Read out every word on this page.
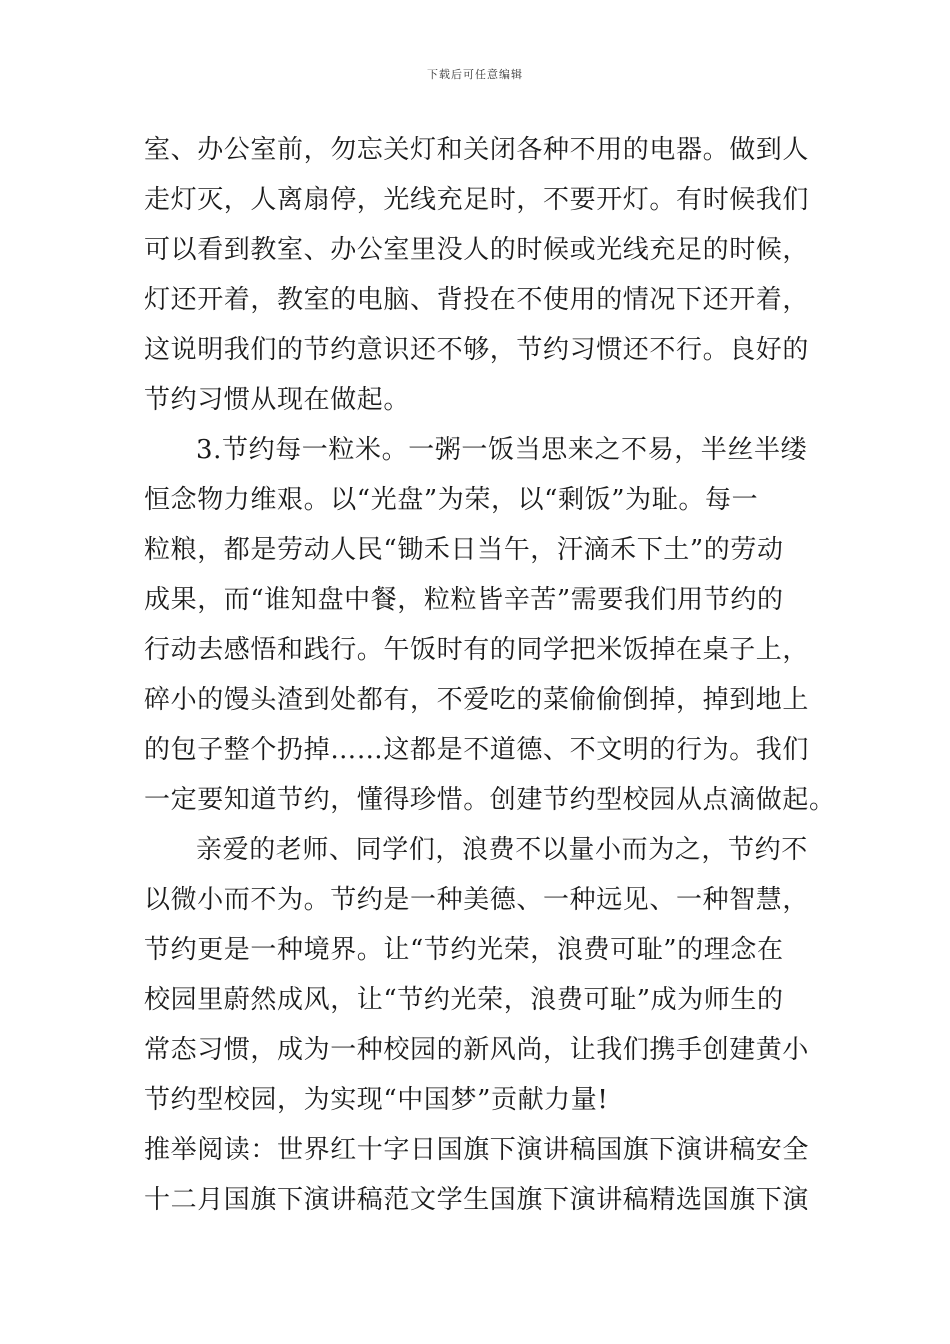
下载后可任意编辑
室、办公室前，勿忘关灯和关闭各种不用的电器。做到人
走灯灭，人离扇停，光线充足时，不要开灯。有时候我们
可以看到教室、办公室里没人的时候或光线充足的时候，
灯还开着，教室的电脑、背投在不使用的情况下还开着，
这说明我们的节约意识还不够，节约习惯还不行。良好的
节约习惯从现在做起。
3.节约每一粒米。一粥一饭当思来之不易，半丝半缕
恒念物力维艰。以“光盘”为荣，以“剩饭”为耻。每一
粒粮，都是劳动人民“锄禾日当午，汗滴禾下土”的劳动
成果，而“谁知盘中餐，粒粒皆辛苦”需要我们用节约的
行动去感悟和践行。午饭时有的同学把米饭掉在桌子上，
碎小的馒头渣到处都有，不爱吃的菜偷偷倒掉，掉到地上
的包子整个扔掉……这都是不道德、不文明的行为。我们
一定要知道节约，懂得珍惜。创建节约型校园从点滴做起。
亲爱的老师、同学们，浪费不以量小而为之，节约不
以微小而不为。节约是一种美德、一种远见、一种智慧，
节约更是一种境界。让“节约光荣，浪费可耻”的理念在
校园里蔚然成风，让“节约光荣，浪费可耻”成为师生的
常态习惯，成为一种校园的新风尚，让我们携手创建黄小
节约型校园，为实现“中国梦”贡献力量!
推举阅读：世界红十字日国旗下演讲稿国旗下演讲稿安全
十二月国旗下演讲稿范文学生国旗下演讲稿精选国旗下演
